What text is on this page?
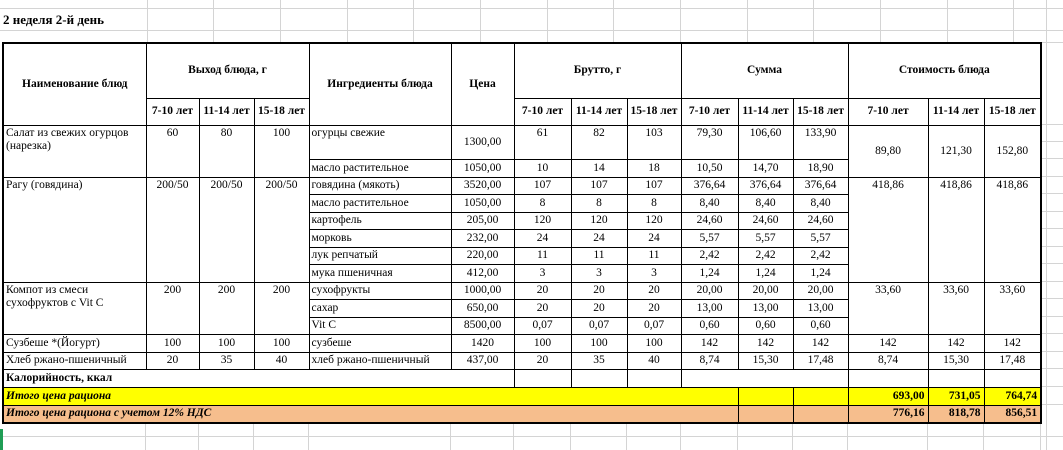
2 неделя 2-й день
Наименование блюд	Выход блюда, г			Ингредиенты блюда	Цена	Брутто, г			Сумма			Стоимость блюда		
	7-10 лет	11-14 лет	15-18 лет			7-10 лет	11-14 лет	15-18 лет	7-10 лет	11-14 лет	15-18 лет	7-10 лет	11-14 лет	15-18 лет
Салат из свежих огурцов (нарезка)	60	80	100	огурцы свежие	1300,00	61	82	103	79,30	106,60	133,90	89,80	121,30	152,80
				масло растительное	1050,00	10	14	18	10,50	14,70	18,90			
Рагу (говядина)	200/50	200/50	200/50	говядина (мякоть)	3520,00	107	107	107	376,64	376,64	376,64	418,86	418,86	418,86
				масло растительное	1050,00	8	8	8	8,40	8,40	8,40			
				картофель	205,00	120	120	120	24,60	24,60	24,60			
				морковь	232,00	24	24	24	5,57	5,57	5,57			
				лук репчатый	220,00	11	11	11	2,42	2,42	2,42			
				мука пшеничная	412,00	3	3	3	1,24	1,24	1,24			
Компот из смеси сухофруктов с Vit C	200	200	200	сухофрукты	1000,00	20	20	20	20,00	20,00	20,00	33,60	33,60	33,60
				сахар	650,00	20	20	20	13,00	13,00	13,00			
				Vit C	8500,00	0,07	0,07	0,07	0,60	0,60	0,60			
Сузбеше *(Йогурт)	100	100	100	сузбеше	1420	100	100	100	142	142	142	142	142	142
Хлеб ржано-пшеничный	20	35	40	хлеб ржано-пшеничный	437,00	20	35	40	8,74	15,30	17,48	8,74	15,30	17,48
Калорийность, ккал														
Итого цена рациона												693,00	731,05	764,74
Итого цена рациона с учетом 12% НДС												776,16	818,78	856,51
